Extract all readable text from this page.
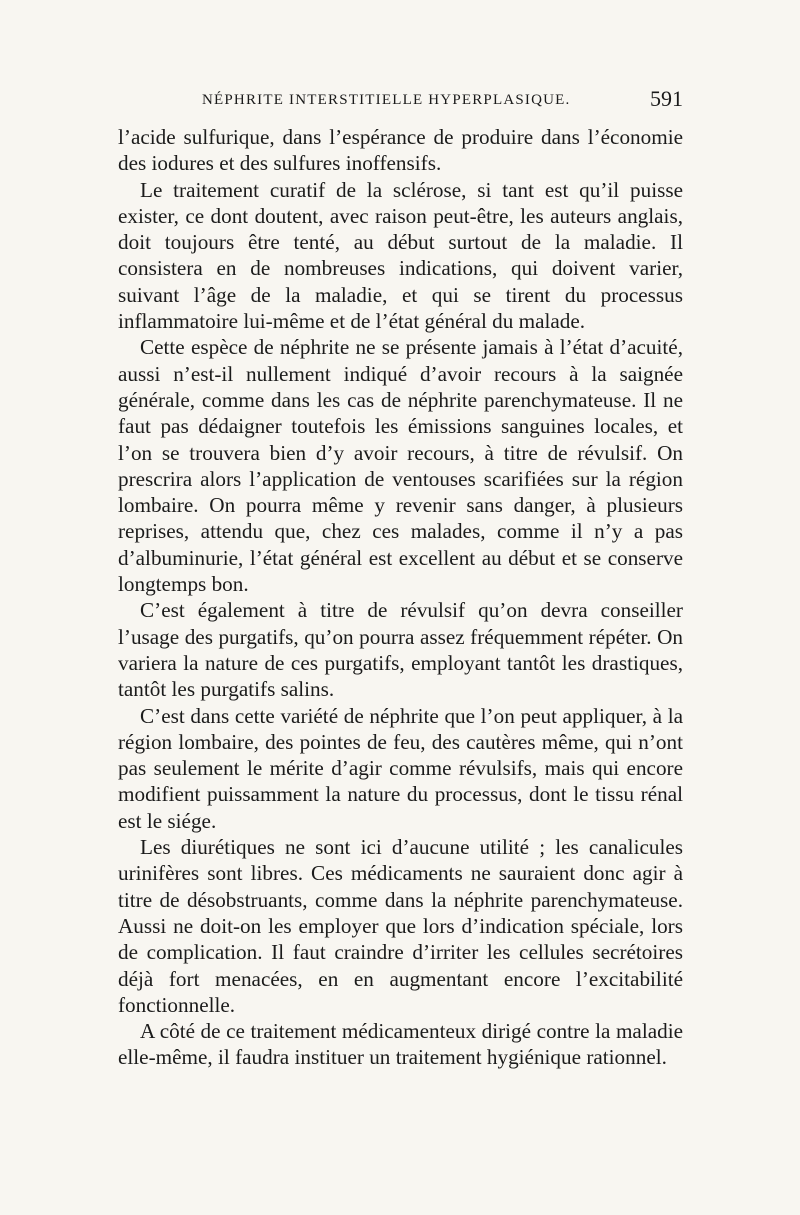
NÉPHRITE INTERSTITIELLE HYPERPLASIQUE.	591

l’acide sulfurique, dans l’espérance de produire dans l’économie des iodures et des sulfures inoffensifs.

Le traitement curatif de la sclérose, si tant est qu’il puisse exister, ce dont doutent, avec raison peut-être, les auteurs anglais, doit toujours être tenté, au début surtout de la maladie. Il consistera en de nombreuses indications, qui doivent varier, suivant l’âge de la maladie, et qui se tirent du processus inflammatoire lui-même et de l’état général du malade.

Cette espèce de néphrite ne se présente jamais à l’état d’acuité, aussi n’est-il nullement indiqué d’avoir recours à la saignée générale, comme dans les cas de néphrite parenchymateuse. Il ne faut pas dédaigner toutefois les émissions sanguines locales, et l’on se trouvera bien d’y avoir recours, à titre de révulsif. On prescrira alors l’application de ventouses scarifiées sur la région lombaire. On pourra même y revenir sans danger, à plusieurs reprises, attendu que, chez ces malades, comme il n’y a pas d’albuminurie, l’état général est excellent au début et se conserve longtemps bon.

C’est également à titre de révulsif qu’on devra conseiller l’usage des purgatifs, qu’on pourra assez fréquemment répéter. On variera la nature de ces purgatifs, employant tantôt les drastiques, tantôt les purgatifs salins.

C’est dans cette variété de néphrite que l’on peut appliquer, à la région lombaire, des pointes de feu, des cautères même, qui n’ont pas seulement le mérite d’agir comme révulsifs, mais qui encore modifient puissamment la nature du processus, dont le tissu rénal est le siége.

Les diurétiques ne sont ici d’aucune utilité ; les canalicules urinifères sont libres. Ces médicaments ne sauraient donc agir à titre de désobstruants, comme dans la néphrite parenchymateuse. Aussi ne doit-on les employer que lors d’indication spéciale, lors de complication. Il faut craindre d’irriter les cellules secrétoires déjà fort menacées, en en augmentant encore l’excitabilité fonctionnelle.

A côté de ce traitement médicamenteux dirigé contre la maladie elle-même, il faudra instituer un traitement hygiénique rationnel.
